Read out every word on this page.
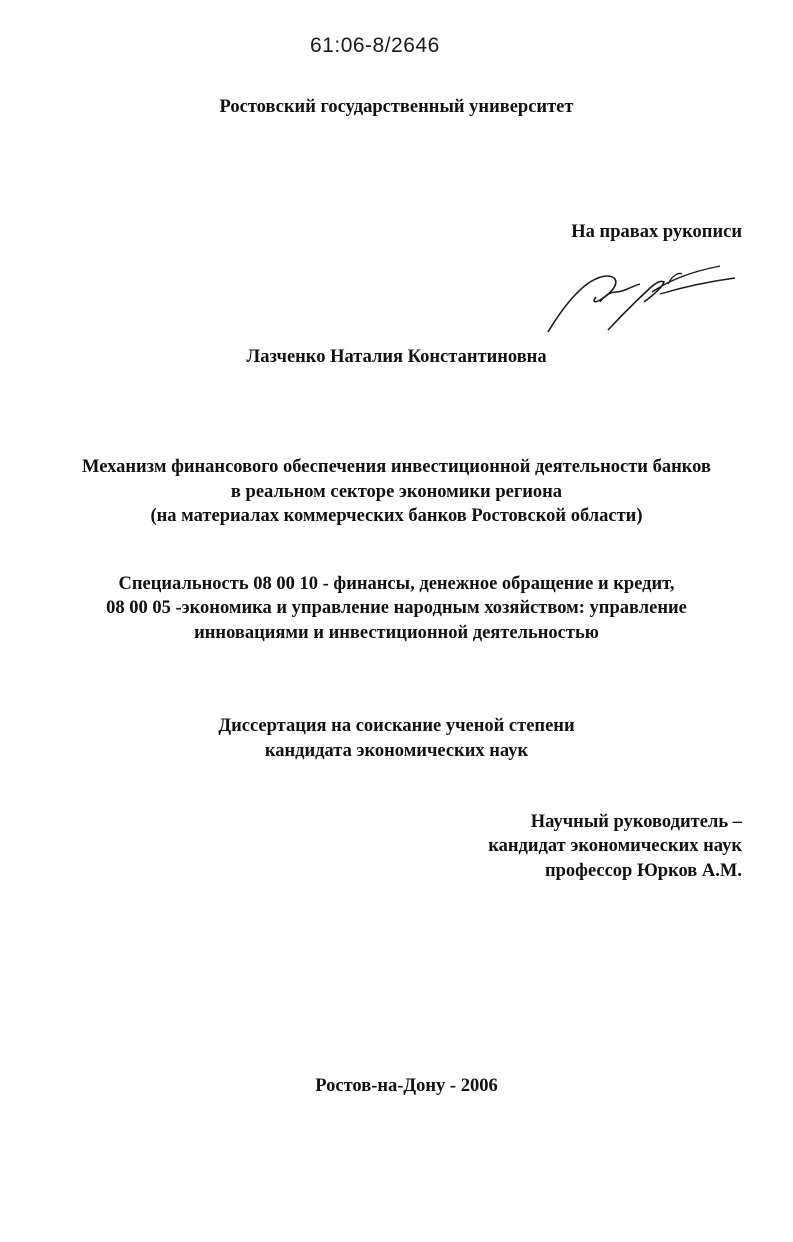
61:06-8/2646
Ростовский государственный университет
На правах рукописи
Лазченко Наталия Константиновна
Механизм финансового обеспечения инвестиционной деятельности банков
в реальном секторе экономики региона
(на материалах коммерческих банков Ростовской области)
Специальность 08 00 10 - финансы, денежное обращение и кредит,
08 00 05 -экономика и управление народным хозяйством: управление
инновациями и инвестиционной деятельностью
Диссертация на соискание ученой степени
кандидата экономических наук
Научный руководитель –
кандидат экономических наук
профессор Юрков А.М.
Ростов-на-Дону - 2006
